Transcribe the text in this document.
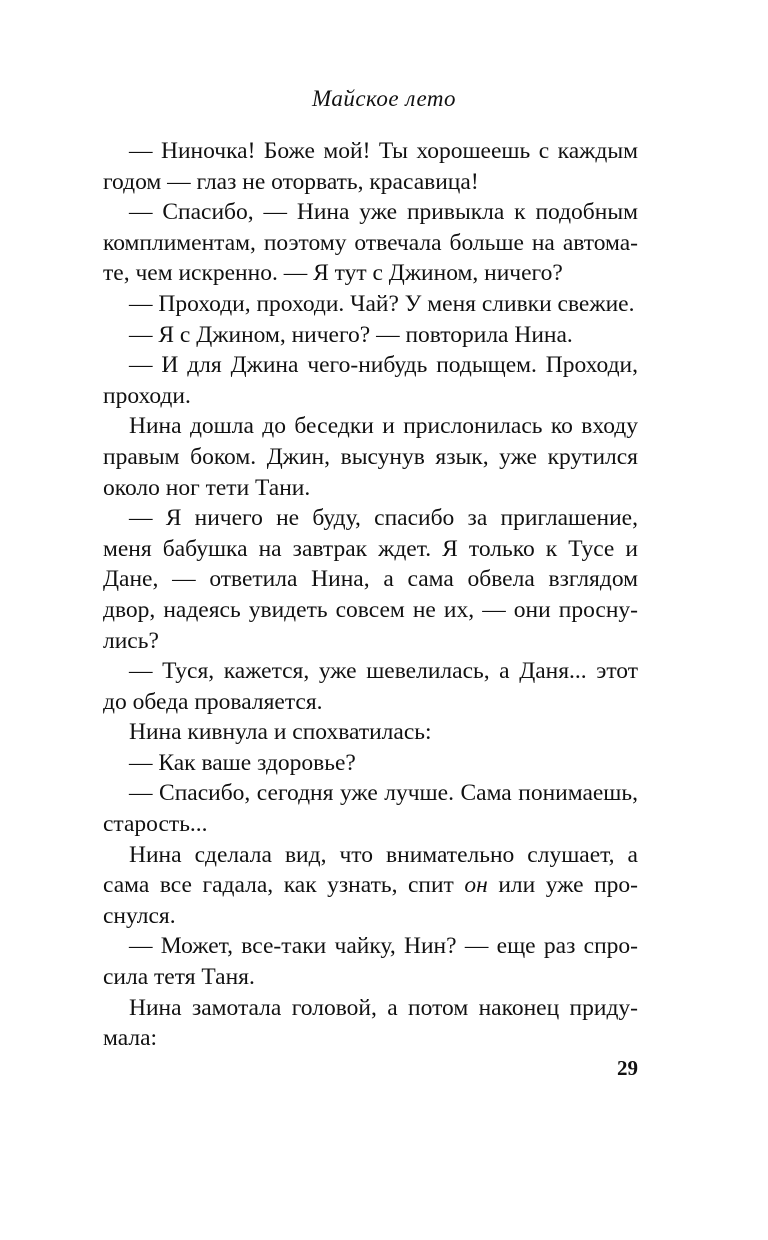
Майское лето

— Ниночка! Боже мой! Ты хорошеешь с каждым годом — глаз не оторвать, красавица!

— Спасибо, — Нина уже привыкла к подобным комплиментам, поэтому отвечала больше на автомате, чем искренно. — Я тут с Джином, ничего?

— Проходи, проходи. Чай? У меня сливки свежие.

— Я с Джином, ничего? — повторила Нина.

— И для Джина чего-нибудь подыщем. Проходи, проходи.

Нина дошла до беседки и прислонилась ко входу правым боком. Джин, высунув язык, уже крутился около ног тети Тани.

— Я ничего не буду, спасибо за приглашение, меня бабушка на завтрак ждет. Я только к Тусе и Дане, — ответила Нина, а сама обвела взглядом двор, надеясь увидеть совсем не их, — они проснулись?

— Туся, кажется, уже шевелилась, а Даня... этот до обеда проваляется.

Нина кивнула и спохватилась:

— Как ваше здоровье?

— Спасибо, сегодня уже лучше. Сама понимаешь, старость...

Нина сделала вид, что внимательно слушает, а сама все гадала, как узнать, спит он или уже проснулся.

— Может, все-таки чайку, Нин? — еще раз спросила тетя Таня.

Нина замотала головой, а потом наконец придумала:

29
